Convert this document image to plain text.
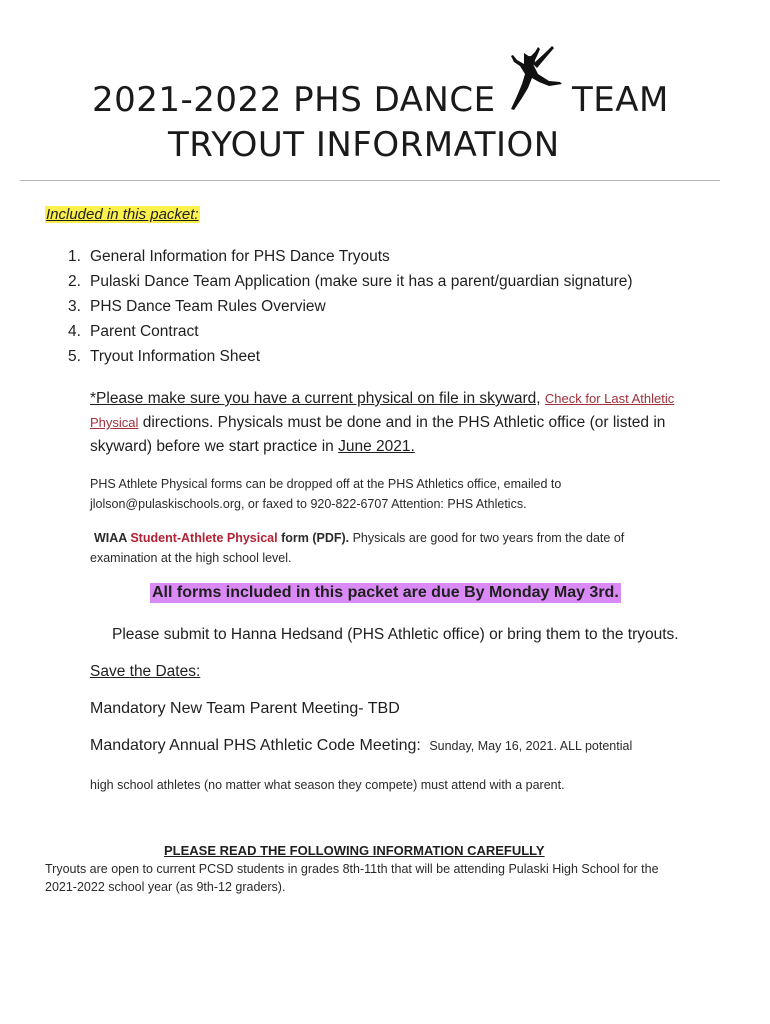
2021-2022 PHS DANCE TEAM
TRYOUT INFORMATION
Included in this packet:
1. General Information for PHS Dance Tryouts
2. Pulaski Dance Team Application (make sure it has a parent/guardian signature)
3. PHS Dance Team Rules Overview
4. Parent Contract
5. Tryout Information Sheet
*Please make sure you have a current physical on file in skyward, Check for Last Athletic
Physical directions. Physicals must be done and in the PHS Athletic office (or listed in
skyward) before we start practice in June 2021.
PHS Athlete Physical forms can be dropped off at the PHS Athletics office, emailed to
jlolson@pulaskischools.org, or faxed to 920-822-6707 Attention: PHS Athletics.
WIAA Student-Athlete Physical form (PDF). Physicals are good for two years from the date of
examination at the high school level.
All forms included in this packet are due By Monday May 3rd.
Please submit to Hanna Hedsand (PHS Athletic office) or bring them to the tryouts.
Save the Dates:
Mandatory New Team Parent Meeting- TBD
Mandatory Annual PHS Athletic Code Meeting: Sunday, May 16, 2021. ALL potential
high school athletes (no matter what season they compete) must attend with a parent.
PLEASE READ THE FOLLOWING INFORMATION CAREFULLY
Tryouts are open to current PCSD students in grades 8th-11th that will be attending Pulaski High School for the
2021-2022 school year (as 9th-12 graders).
